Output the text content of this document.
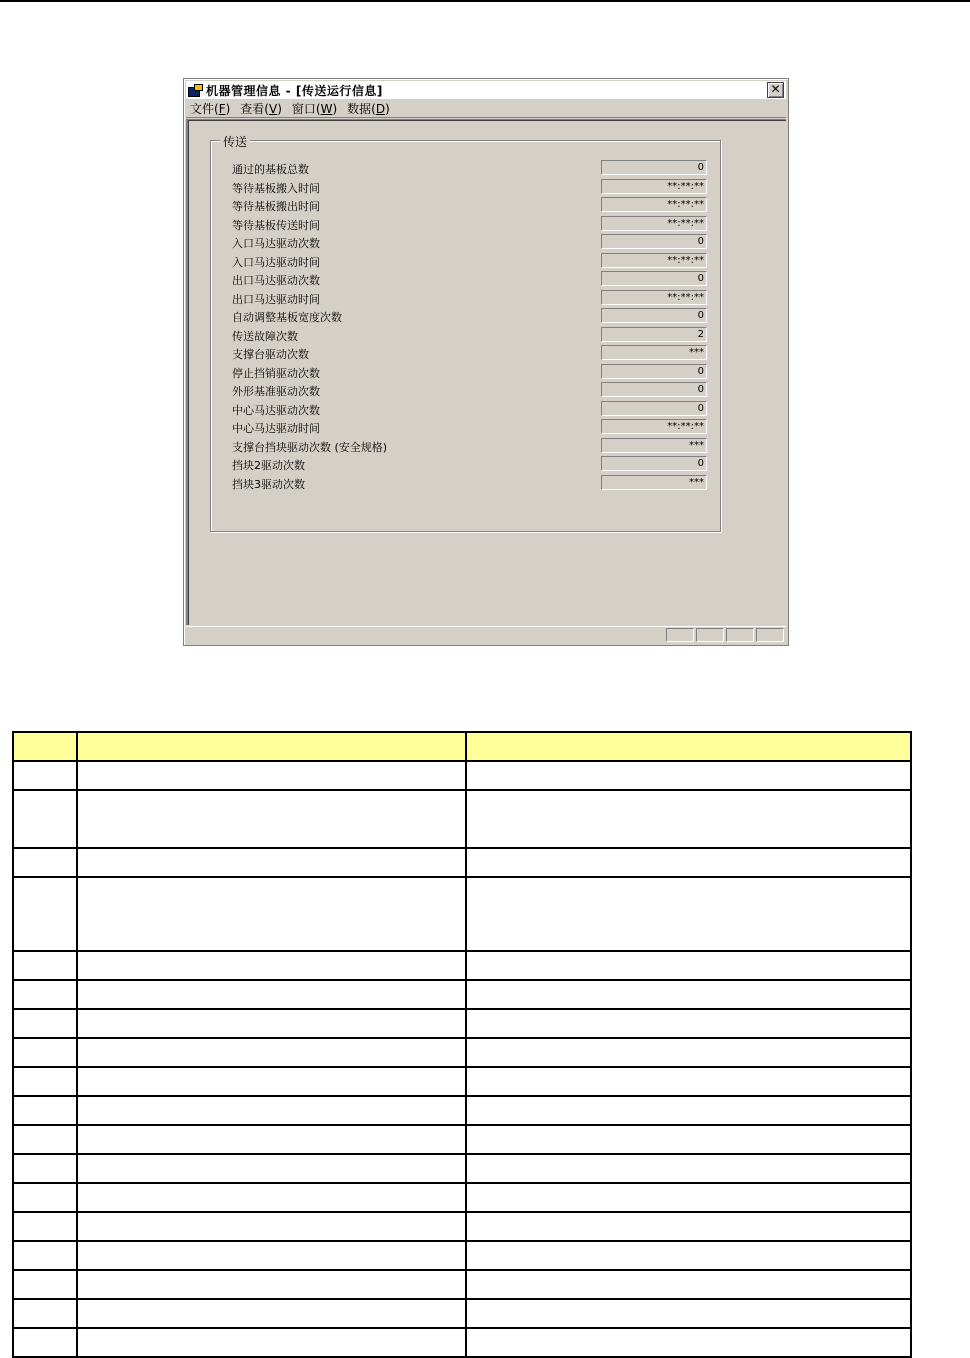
机器管理信息 - [传送运行信息]	✕
文件(F) 查看(V) 窗口(W) 数据(D)
传送
通过的基板总数	0
等待基板搬入时间	**:**:**
等待基板搬出时间	**:**:**
等待基板传送时间	**:**:**
入口马达驱动次数	0
入口马达驱动时间	**:**:**
出口马达驱动次数	0
出口马达驱动时间	**:**:**
自动调整基板宽度次数	0
传送故障次数	2
支撑台驱动次数	***
停止挡销驱动次数	0
外形基准驱动次数	0
中心马达驱动次数	0
中心马达驱动时间	**:**:**
支撑台挡块驱动次数 (安全规格)	***
挡块2驱动次数	0
挡块3驱动次数	***
